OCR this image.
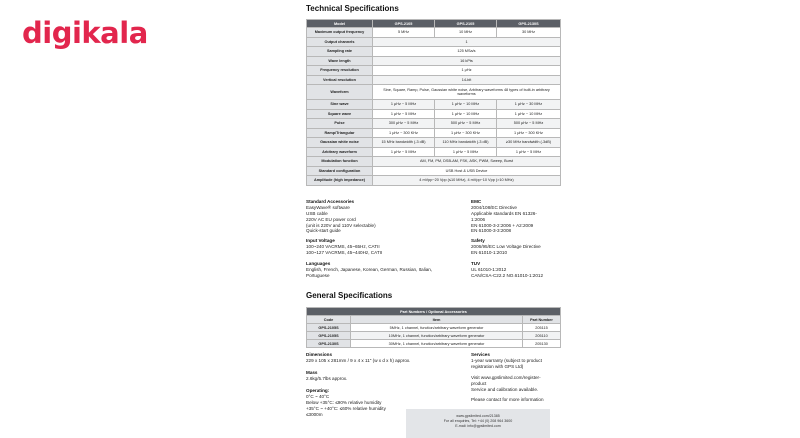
digikala
Technical Specifications
Model	GPS-2105	GPS-2105	GPS-2130S
Maximum output frequency	5 MHz	10 MHz	30 MHz
Output channels	1		
Sampling rate	125 MSa/s		
Wave length	16 kPts		
Frequency resolution	1 μHz		
Vertical resolution	14-bit		
Waveform	Sine, Square, Ramp, Pulse, Gaussian white noise, Arbitrary waveforms 48 types of built-in arbitrary waveforms		
Sine wave	1 μHz ~ 5 MHz	1 μHz ~ 10 MHz	1 μHz ~ 30 MHz
Square wave	1 μHz ~ 5 MHz	1 μHz ~ 10 MHz	1 μHz ~ 10 MHz
Pulse	300 μHz ~ 5 MHz	500 μHz ~ 5 MHz	500 μHz ~ 5 MHz
Ramp/Triangular	1 μHz ~ 300 KHz	1 μHz ~ 300 KHz	1 μHz ~ 300 KHz
Gaussian white noise	15 MHz bandwidth (-3 dB)	110 MHz bandwidth (-3 dB)	≥30 MHz bandwidth (-3dB)
Arbitrary waveform	1 μHz ~ 5 MHz	1 μHz ~ 5 MHz	1 μHz ~ 5 MHz
Modulation function	AM, FM, PM, DSB-AM, FSK, ASK, PWM, Sweep, Burst		
Standard configuration	USB Host & USB Device		
Amplitude (high impedance)	4 mVpp~20 Vpp (≤10 MHz), 4 mVpp~10 Vpp (>10 MHz)		
Standard Accessories
EasyWave® software
USB cable
220V AC EU power cord
(unit is 220V and 110V selectable)
Quick-start guide
Input Voltage
100~240 VACRMS, 45~65Hz, CATII
100~127 VACRMS, 45~440Hz, CATII
Languages
English, French, Japanese, Korean, German, Russian, Italian,
Portuguese
EMC
2004/108/EC Directive
Applicable standards EN 61326-
1:2006
EN 61000-3-2:2006 + A2:2009
EN 61000-3-3:2008
Safety
2006/95/EC Low Voltage Directive
EN 61010-1:2010
TUV
UL 61010-1:2012
CAN/CSA-C22.2 NO.61010-1:2012
General Specifications
Part Numbers / Optional Accessories		
Code	Item	Part Number
GPS-2105S	5MHz, 1 channel, function/arbitrary waveform generator	205115
GPS-2105S	10MHz, 1 channel, function/arbitrary waveform generator	205110
GPS-2130S	30MHz, 1 channel, function/arbitrary waveform generator	205130
Dimensions
229 x 105 x 281mm / 9 x 4 x 11" (w x d x h) approx.
Mass
2.6kg/5.7lbs approx.
Operating:
0°C ~ 40°C
Below +35°C: ≤90% relative humidity
+35°C ~ +40°C: ≤60% relative humidity
≤3000m
Services
1-year warranty (subject to product
registration with GPS Ltd)
Visit www.gpslimited.com/register-
product
Service and calibration available.
Please contact for more information
www.gpslimited.com/21385
For all enquiries, Tel: +44 (0) 208 964 3600
E-mail: info@gpslimited.com
